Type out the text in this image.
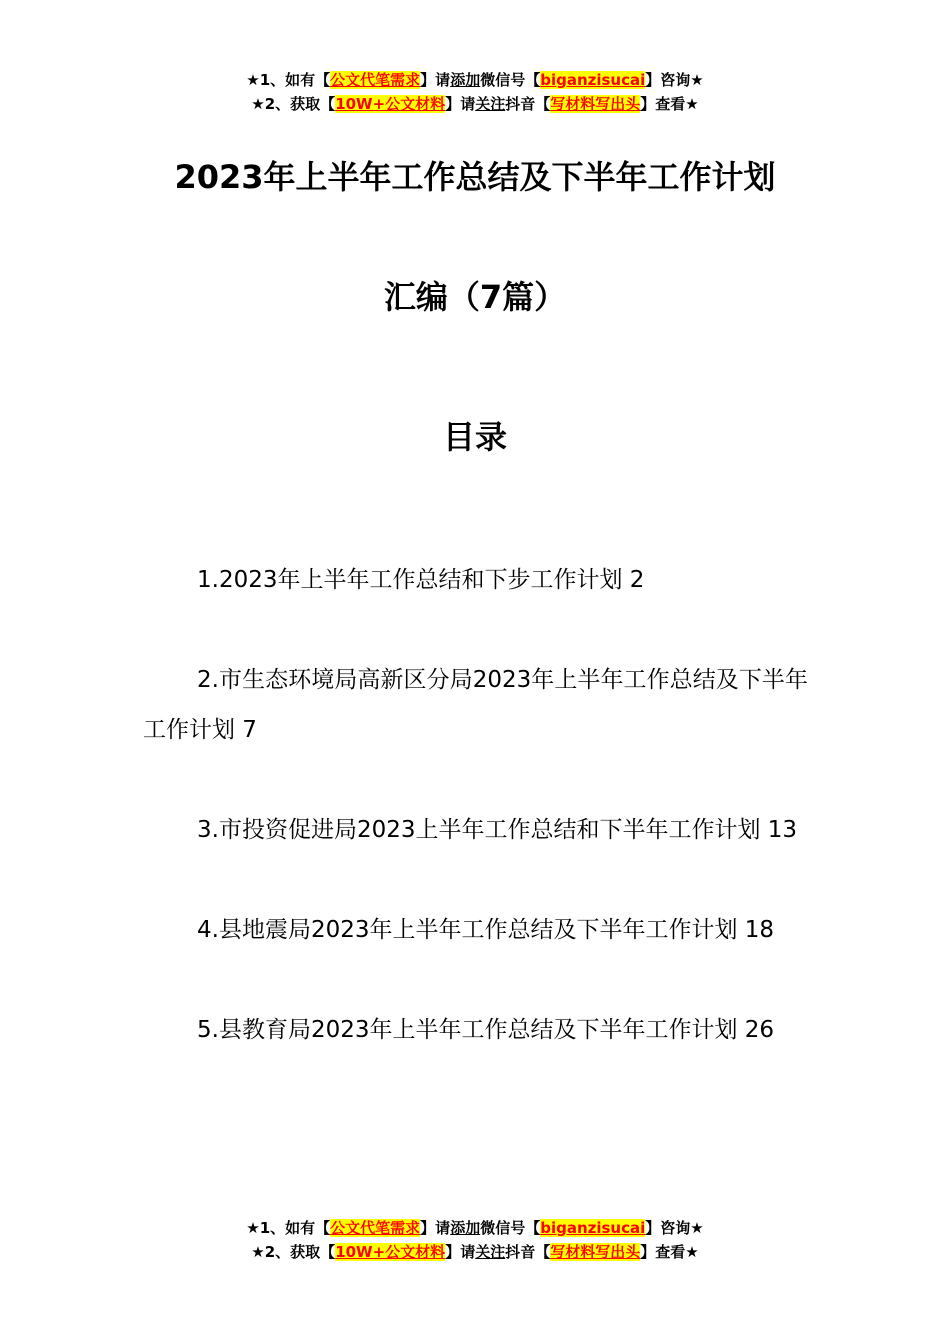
★1、如有【公文代笔需求】请添加微信号【biganzisucai】咨询★
★2、获取【10W+公文材料】请关注抖音【写材料写出头】查看★
2023年上半年工作总结及下半年工作计划
汇编（7篇）
目录

1.2023年上半年工作总结和下步工作计划 2

2.市生态环境局高新区分局2023年上半年工作总结及下半年工作计划 7

3.市投资促进局2023上半年工作总结和下半年工作计划 13

4.县地震局2023年上半年工作总结及下半年工作计划 18

5.县教育局2023年上半年工作总结及下半年工作计划 26

★1、如有【公文代笔需求】请添加微信号【biganzisucai】咨询★
★2、获取【10W+公文材料】请关注抖音【写材料写出头】查看★
